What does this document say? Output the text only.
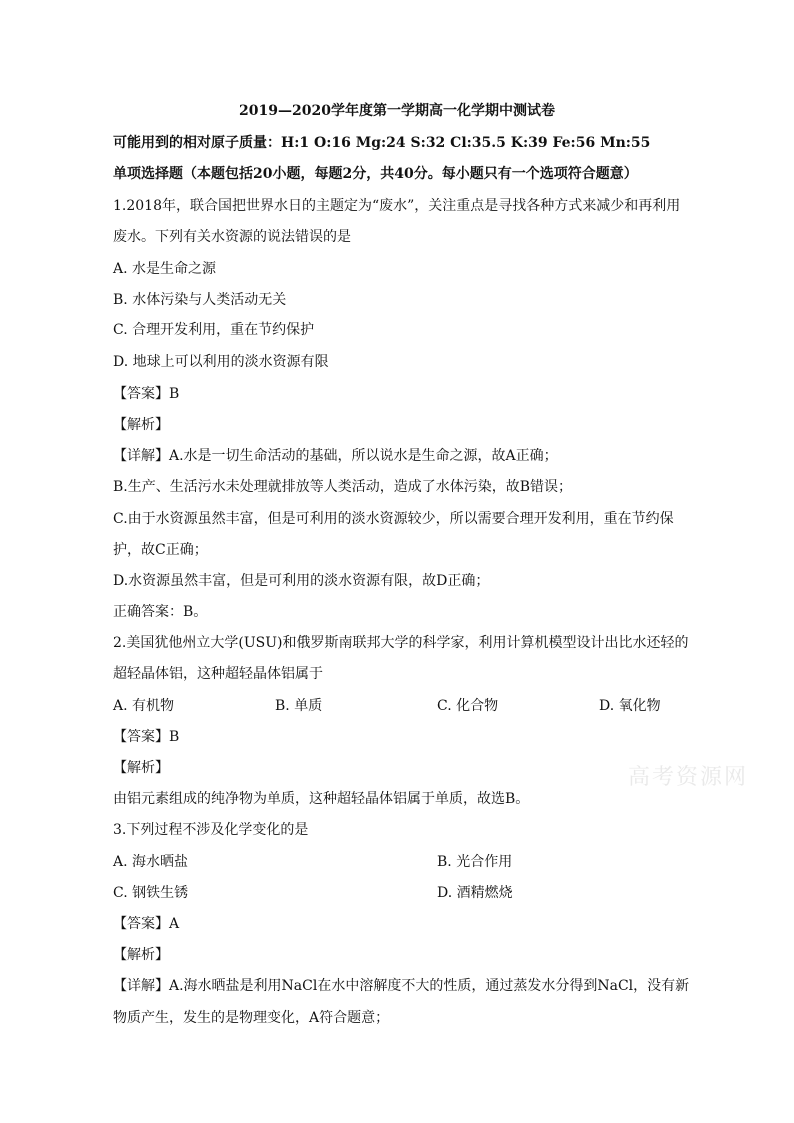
2019—2020学年度第一学期高一化学期中测试卷
可能用到的相对原子质量：H:1 O:16 Mg:24 S:32 Cl:35.5 K:39 Fe:56 Mn:55
单项选择题（本题包括20小题，每题2分，共40分。每小题只有一个选项符合题意）
1.2018年，联合国把世界水日的主题定为“废水”，关注重点是寻找各种方式来减少和再利用
废水。下列有关水资源的说法错误的是
A. 水是生命之源
B. 水体污染与人类活动无关
C. 合理开发利用，重在节约保护
D. 地球上可以利用的淡水资源有限
【答案】B
【解析】
【详解】A.水是一切生命活动的基础，所以说水是生命之源，故A正确；
B.生产、生活污水未处理就排放等人类活动，造成了水体污染，故B错误；
C.由于水资源虽然丰富，但是可利用的淡水资源较少，所以需要合理开发利用，重在节约保
护，故C正确；
D.水资源虽然丰富，但是可利用的淡水资源有限，故D正确；
正确答案：B。
2.美国犹他州立大学(USU)和俄罗斯南联邦大学的科学家，利用计算机模型设计出比水还轻的
超轻晶体铝，这种超轻晶体铝属于
A. 有机物	B. 单质	C. 化合物	D. 氧化物
【答案】B
【解析】
由铝元素组成的纯净物为单质，这种超轻晶体铝属于单质，故选B。
3.下列过程不涉及化学变化的是
A. 海水晒盐	B. 光合作用
C. 钢铁生锈	D. 酒精燃烧
【答案】A
【解析】
【详解】A.海水晒盐是利用NaCl在水中溶解度不大的性质，通过蒸发水分得到NaCl，没有新
物质产生，发生的是物理变化，A符合题意；
高考资源网
